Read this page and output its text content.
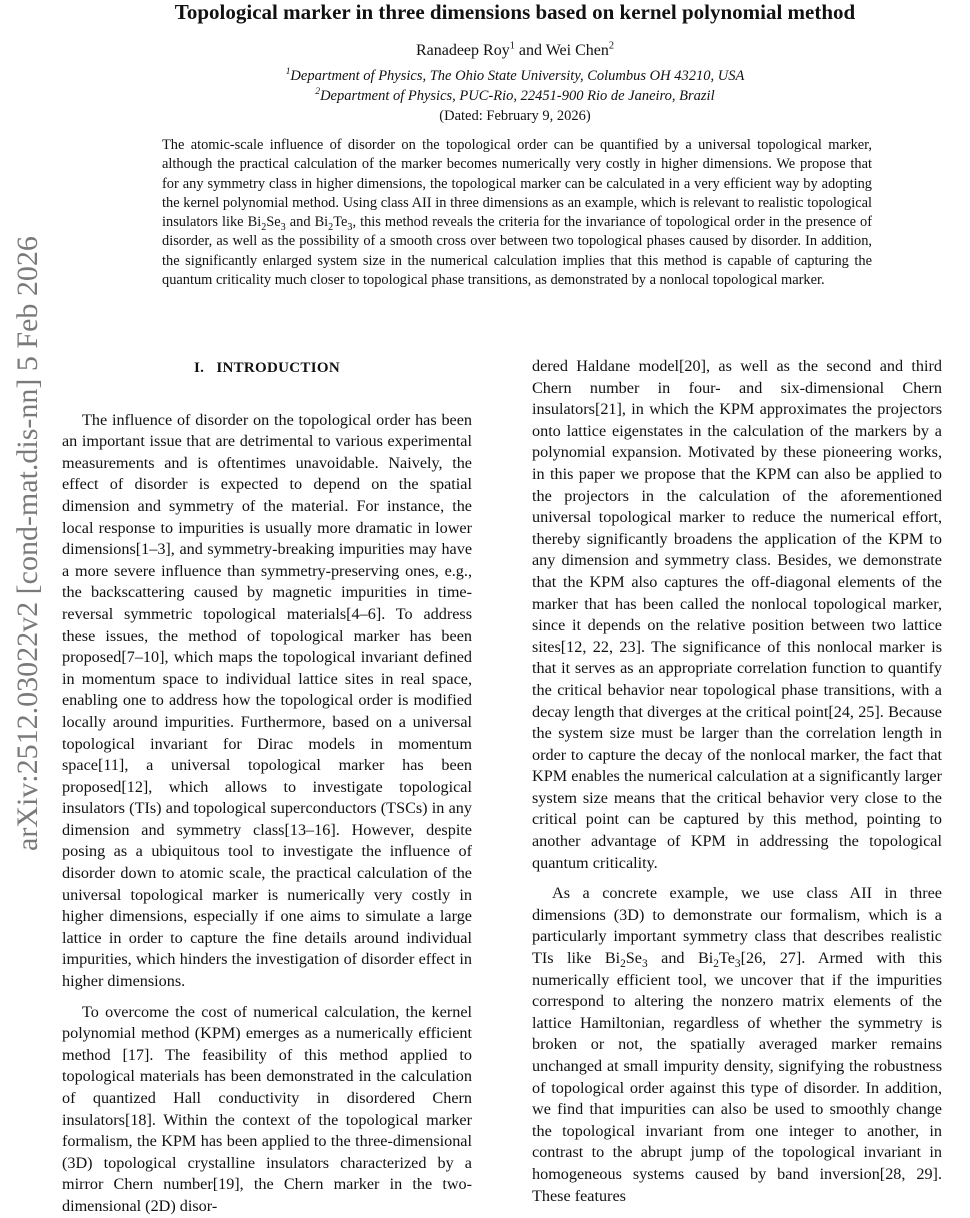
arXiv:2512.03022v2 [cond-mat.dis-nn] 5 Feb 2026
Topological marker in three dimensions based on kernel polynomial method
Ranadeep Roy$^1$ and Wei Chen$^2$
$^1$Department of Physics, The Ohio State University, Columbus OH 43210, USA
$^2$Department of Physics, PUC-Rio, 22451-900 Rio de Janeiro, Brazil
(Dated: February 9, 2026)
The atomic-scale influence of disorder on the topological order can be quantified by a universal topological marker, although the practical calculation of the marker becomes numerically very costly in higher dimensions. We propose that for any symmetry class in higher dimensions, the topological marker can be calculated in a very efficient way by adopting the kernel polynomial method. Using class AII in three dimensions as an example, which is relevant to realistic topological insulators like $Bi_2Se_3$ and $Bi_2Te_3$, this method reveals the criteria for the invariance of topological order in the presence of disorder, as well as the possibility of a smooth cross over between two topological phases caused by disorder. In addition, the significantly enlarged system size in the numerical calculation implies that this method is capable of capturing the quantum criticality much closer to topological phase transitions, as demonstrated by a nonlocal topological marker.
I.   INTRODUCTION

The influence of disorder on the topological order has been an important issue that are detrimental to various experimental measurements and is oftentimes unavoidable. Naively, the effect of disorder is expected to depend on the spatial dimension and symmetry of the material. For instance, the local response to impurities is usually more dramatic in lower dimensions[1–3], and symmetry-breaking impurities may have a more severe influence than symmetry-preserving ones, e.g., the backscattering caused by magnetic impurities in time-reversal symmetric topological materials[4–6]. To address these issues, the method of topological marker has been proposed[7–10], which maps the topological invariant defined in momentum space to individual lattice sites in real space, enabling one to address how the topological order is modified locally around impurities. Furthermore, based on a universal topological invariant for Dirac models in momentum space[11], a universal topological marker has been proposed[12], which allows to investigate topological insulators (TIs) and topological superconductors (TSCs) in any dimension and symmetry class[13–16]. However, despite posing as a ubiquitous tool to investigate the influence of disorder down to atomic scale, the practical calculation of the universal topological marker is numerically very costly in higher dimensions, especially if one aims to simulate a large lattice in order to capture the fine details around individual impurities, which hinders the investigation of disorder effect in higher dimensions.

To overcome the cost of numerical calculation, the kernel polynomial method (KPM) emerges as a numerically efficient method [17]. The feasibility of this method applied to topological materials has been demonstrated in the calculation of quantized Hall conductivity in disordered Chern insulators[18]. Within the context of the topological marker formalism, the KPM has been applied to the three-dimensional (3D) topological crystalline insulators characterized by a mirror Chern number[19], the Chern marker in the two-dimensional (2D) disor-

dered Haldane model[20], as well as the second and third Chern number in four- and six-dimensional Chern insulators[21], in which the KPM approximates the projectors onto lattice eigenstates in the calculation of the markers by a polynomial expansion. Motivated by these pioneering works, in this paper we propose that the KPM can also be applied to the projectors in the calculation of the aforementioned universal topological marker to reduce the numerical effort, thereby significantly broadens the application of the KPM to any dimension and symmetry class. Besides, we demonstrate that the KPM also captures the off-diagonal elements of the marker that has been called the nonlocal topological marker, since it depends on the relative position between two lattice sites[12, 22, 23]. The significance of this nonlocal marker is that it serves as an appropriate correlation function to quantify the critical behavior near topological phase transitions, with a decay length that diverges at the critical point[24, 25]. Because the system size must be larger than the correlation length in order to capture the decay of the nonlocal marker, the fact that KPM enables the numerical calculation at a significantly larger system size means that the critical behavior very close to the critical point can be captured by this method, pointing to another advantage of KPM in addressing the topological quantum criticality.

As a concrete example, we use class AII in three dimensions (3D) to demonstrate our formalism, which is a particularly important symmetry class that describes realistic TIs like $Bi_2Se_3$ and $Bi_2Te_3[26$, 27]. Armed with this numerically efficient tool, we uncover that if the impurities correspond to altering the nonzero matrix elements of the lattice Hamiltonian, regardless of whether the symmetry is broken or not, the spatially averaged marker remains unchanged at small impurity density, signifying the robustness of topological order against this type of disorder. In addition, we find that impurities can also be used to smoothly change the topological invariant from one integer to another, in contrast to the abrupt jump of the topological invariant in homogeneous systems caused by band inversion[28, 29]. These features
